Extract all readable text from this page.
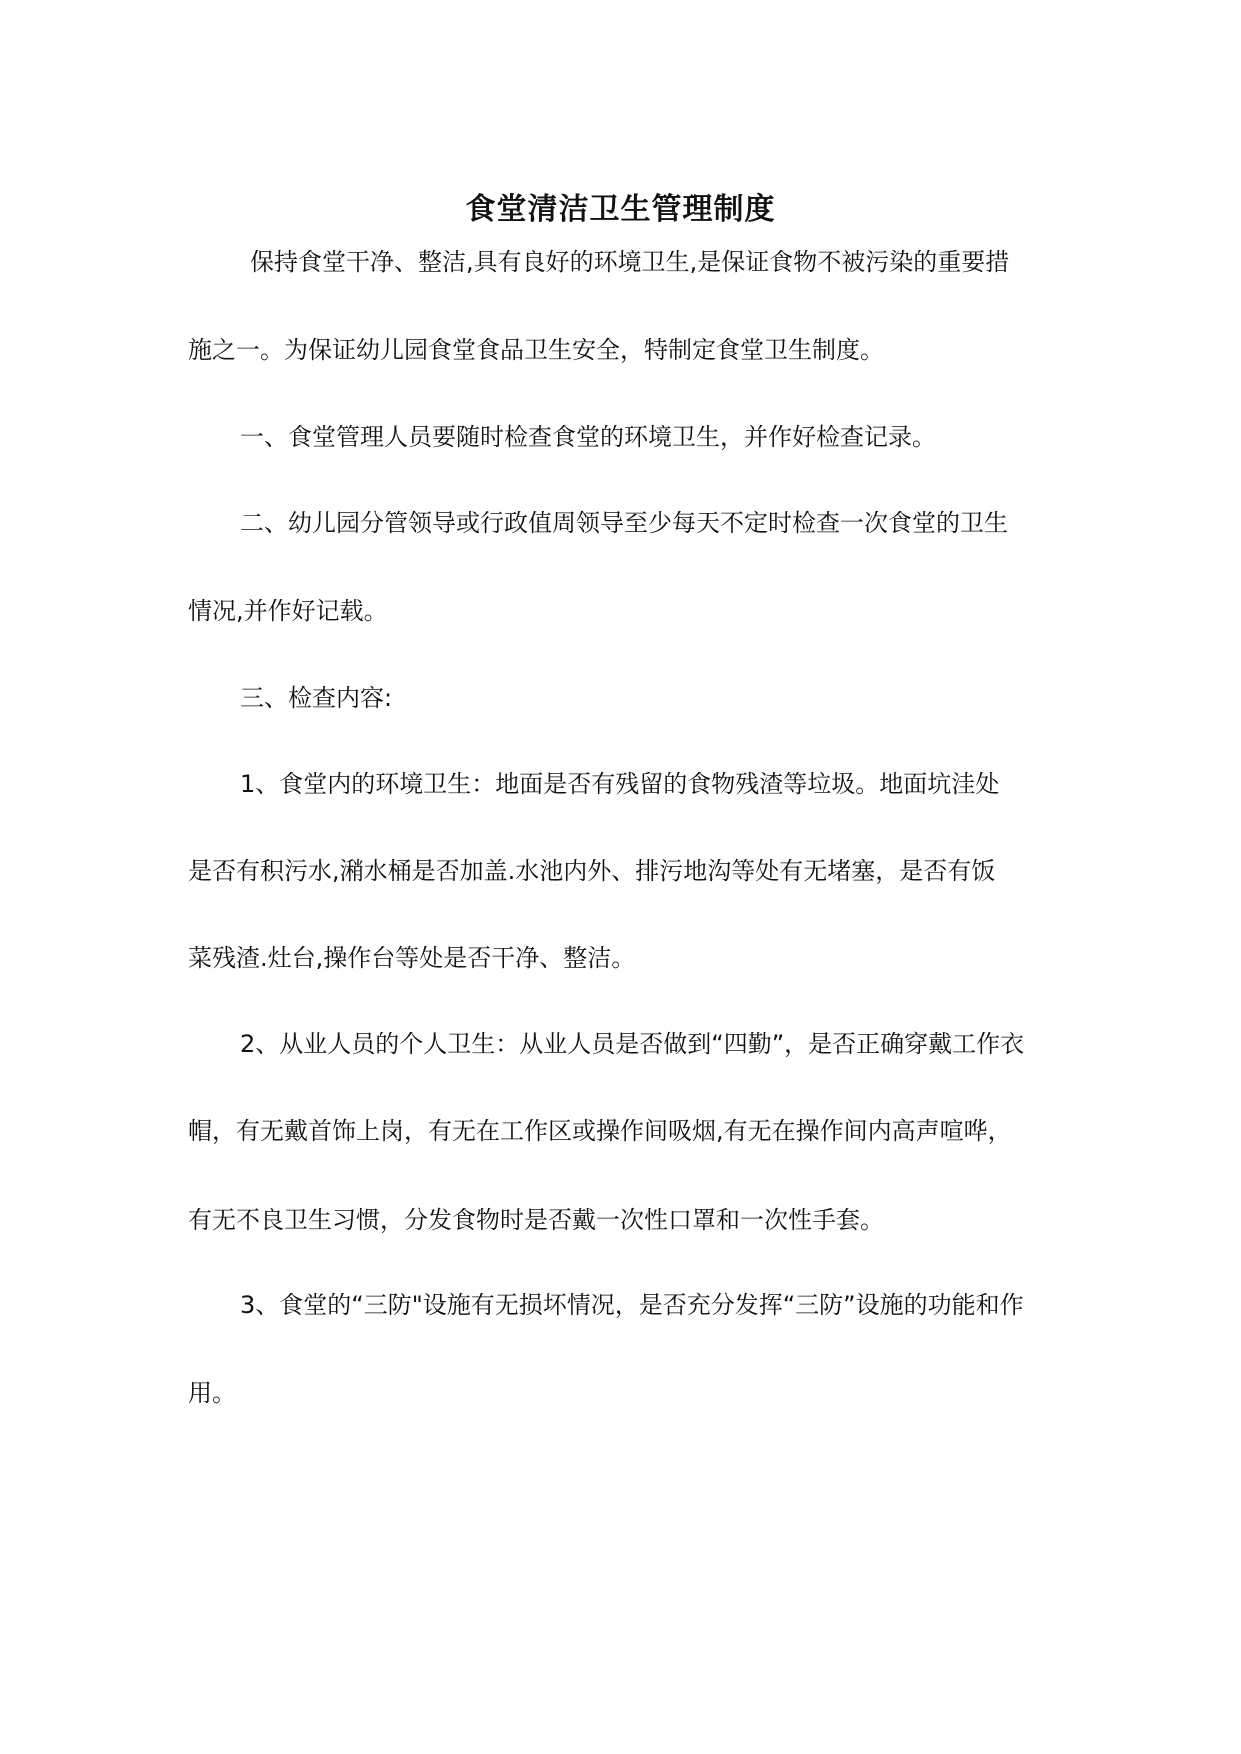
食堂清洁卫生管理制度

保持食堂干净、整洁,具有良好的环境卫生,是保证食物不被污染的重要措

施之一。为保证幼儿园食堂食品卫生安全，特制定食堂卫生制度。

一、食堂管理人员要随时检查食堂的环境卫生，并作好检查记录。

二、幼儿园分管领导或行政值周领导至少每天不定时检查一次食堂的卫生

情况,并作好记载。

三、检查内容:

1、食堂内的环境卫生：地面是否有残留的食物残渣等垃圾。地面坑洼处

是否有积污水,潲水桶是否加盖.水池内外、排污地沟等处有无堵塞，是否有饭

菜残渣.灶台,操作台等处是否干净、整洁。

2、从业人员的个人卫生：从业人员是否做到“四勤”，是否正确穿戴工作衣

帽，有无戴首饰上岗，有无在工作区或操作间吸烟,有无在操作间内高声喧哗，

有无不良卫生习惯，分发食物时是否戴一次性口罩和一次性手套。

3、食堂的“三防"设施有无损坏情况，是否充分发挥“三防”设施的功能和作

用。
